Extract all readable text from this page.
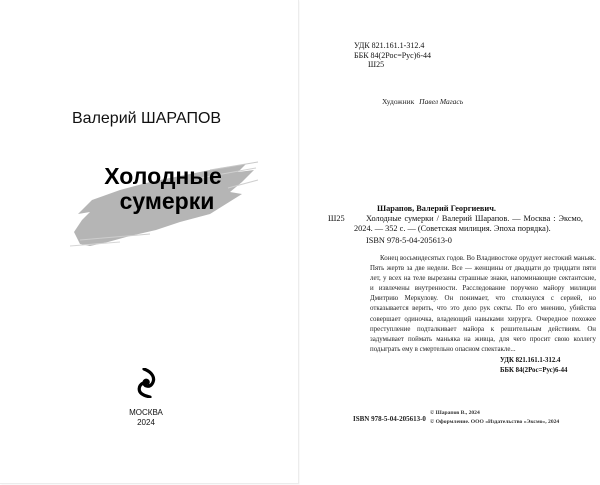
Валерий ШАРАПОВ
Холодные
сумерки
МОСКВА
2024
УДК 821.161.1-312.4
ББК 84(2Рос=Рус)6-44
Ш25
Художник Павел Магась
Шарапов, Валерий Георгиевич.
Ш25	Холодные сумерки / Валерий Шарапов. — Москва : Эксмо, 2024. — 352 с. — (Советская милиция. Эпоха порядка).
ISBN 978-5-04-205613-0
Конец восьмидесятых годов. Во Владивостоке орудует жестокий маньяк. Пять жертв за две недели. Все — женщины от двадцати до тридцати пяти лет, у всех на теле вырезаны страшные знаки, напоминающие сектантские, и извлечены внутренности. Расследование поручено майору милиции Дмитрию Меркулову. Он понимает, что столкнулся с серией, но отказывается верить, что это дело рук секты. По его мнению, убийства совершает одиночка, владеющий навыками хирурга. Очередное похожее преступление подталкивает майора к решительным действиям. Он задумывает поймать маньяка на живца, для чего просит свою коллегу подыграть ему в смертельно опасном спектакле...
УДК 821.161.1-312.4
ББК 84(2Рос=Рус)6-44
ISBN 978-5-04-205613-0
© Шарапов В., 2024
© Оформление. ООО «Издательство «Эксмо», 2024
